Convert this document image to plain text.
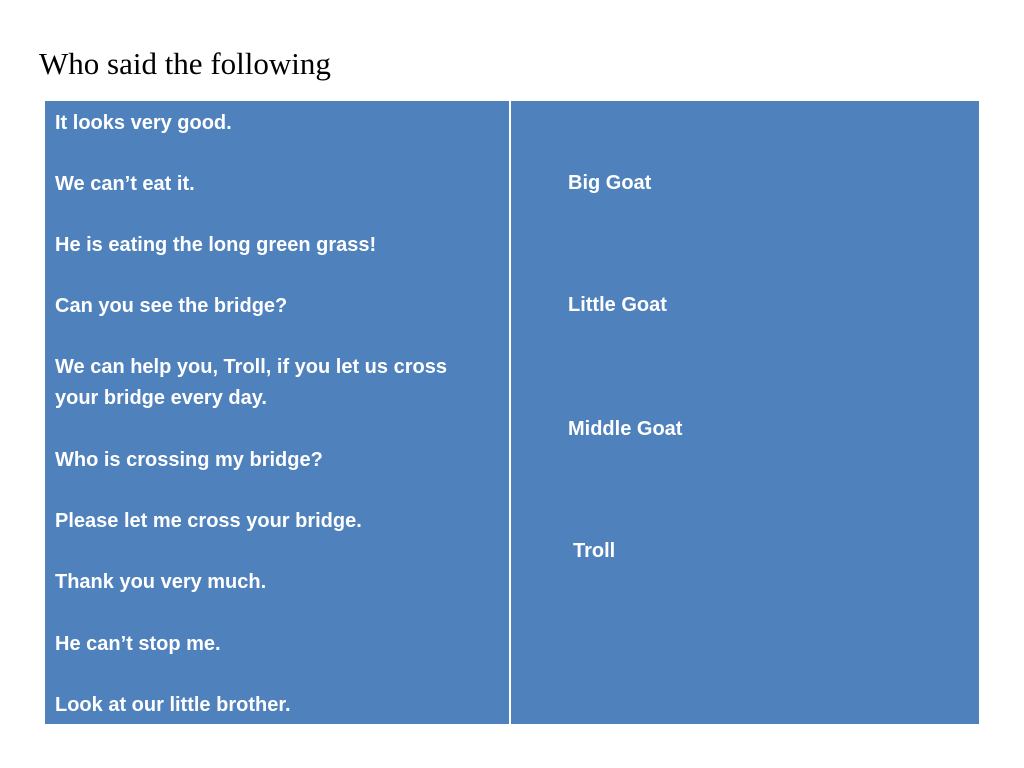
Who said the following

It looks very good.

We can’t eat it.

He is eating the long green grass!

Can you see the bridge?

We can help you, Troll, if you let us cross

your bridge every day.

Who is crossing my bridge?

Please let me cross your bridge.

Thank you very much.

He can’t stop me.

Look at our little brother.

Big Goat

Little Goat

Middle Goat

Troll
